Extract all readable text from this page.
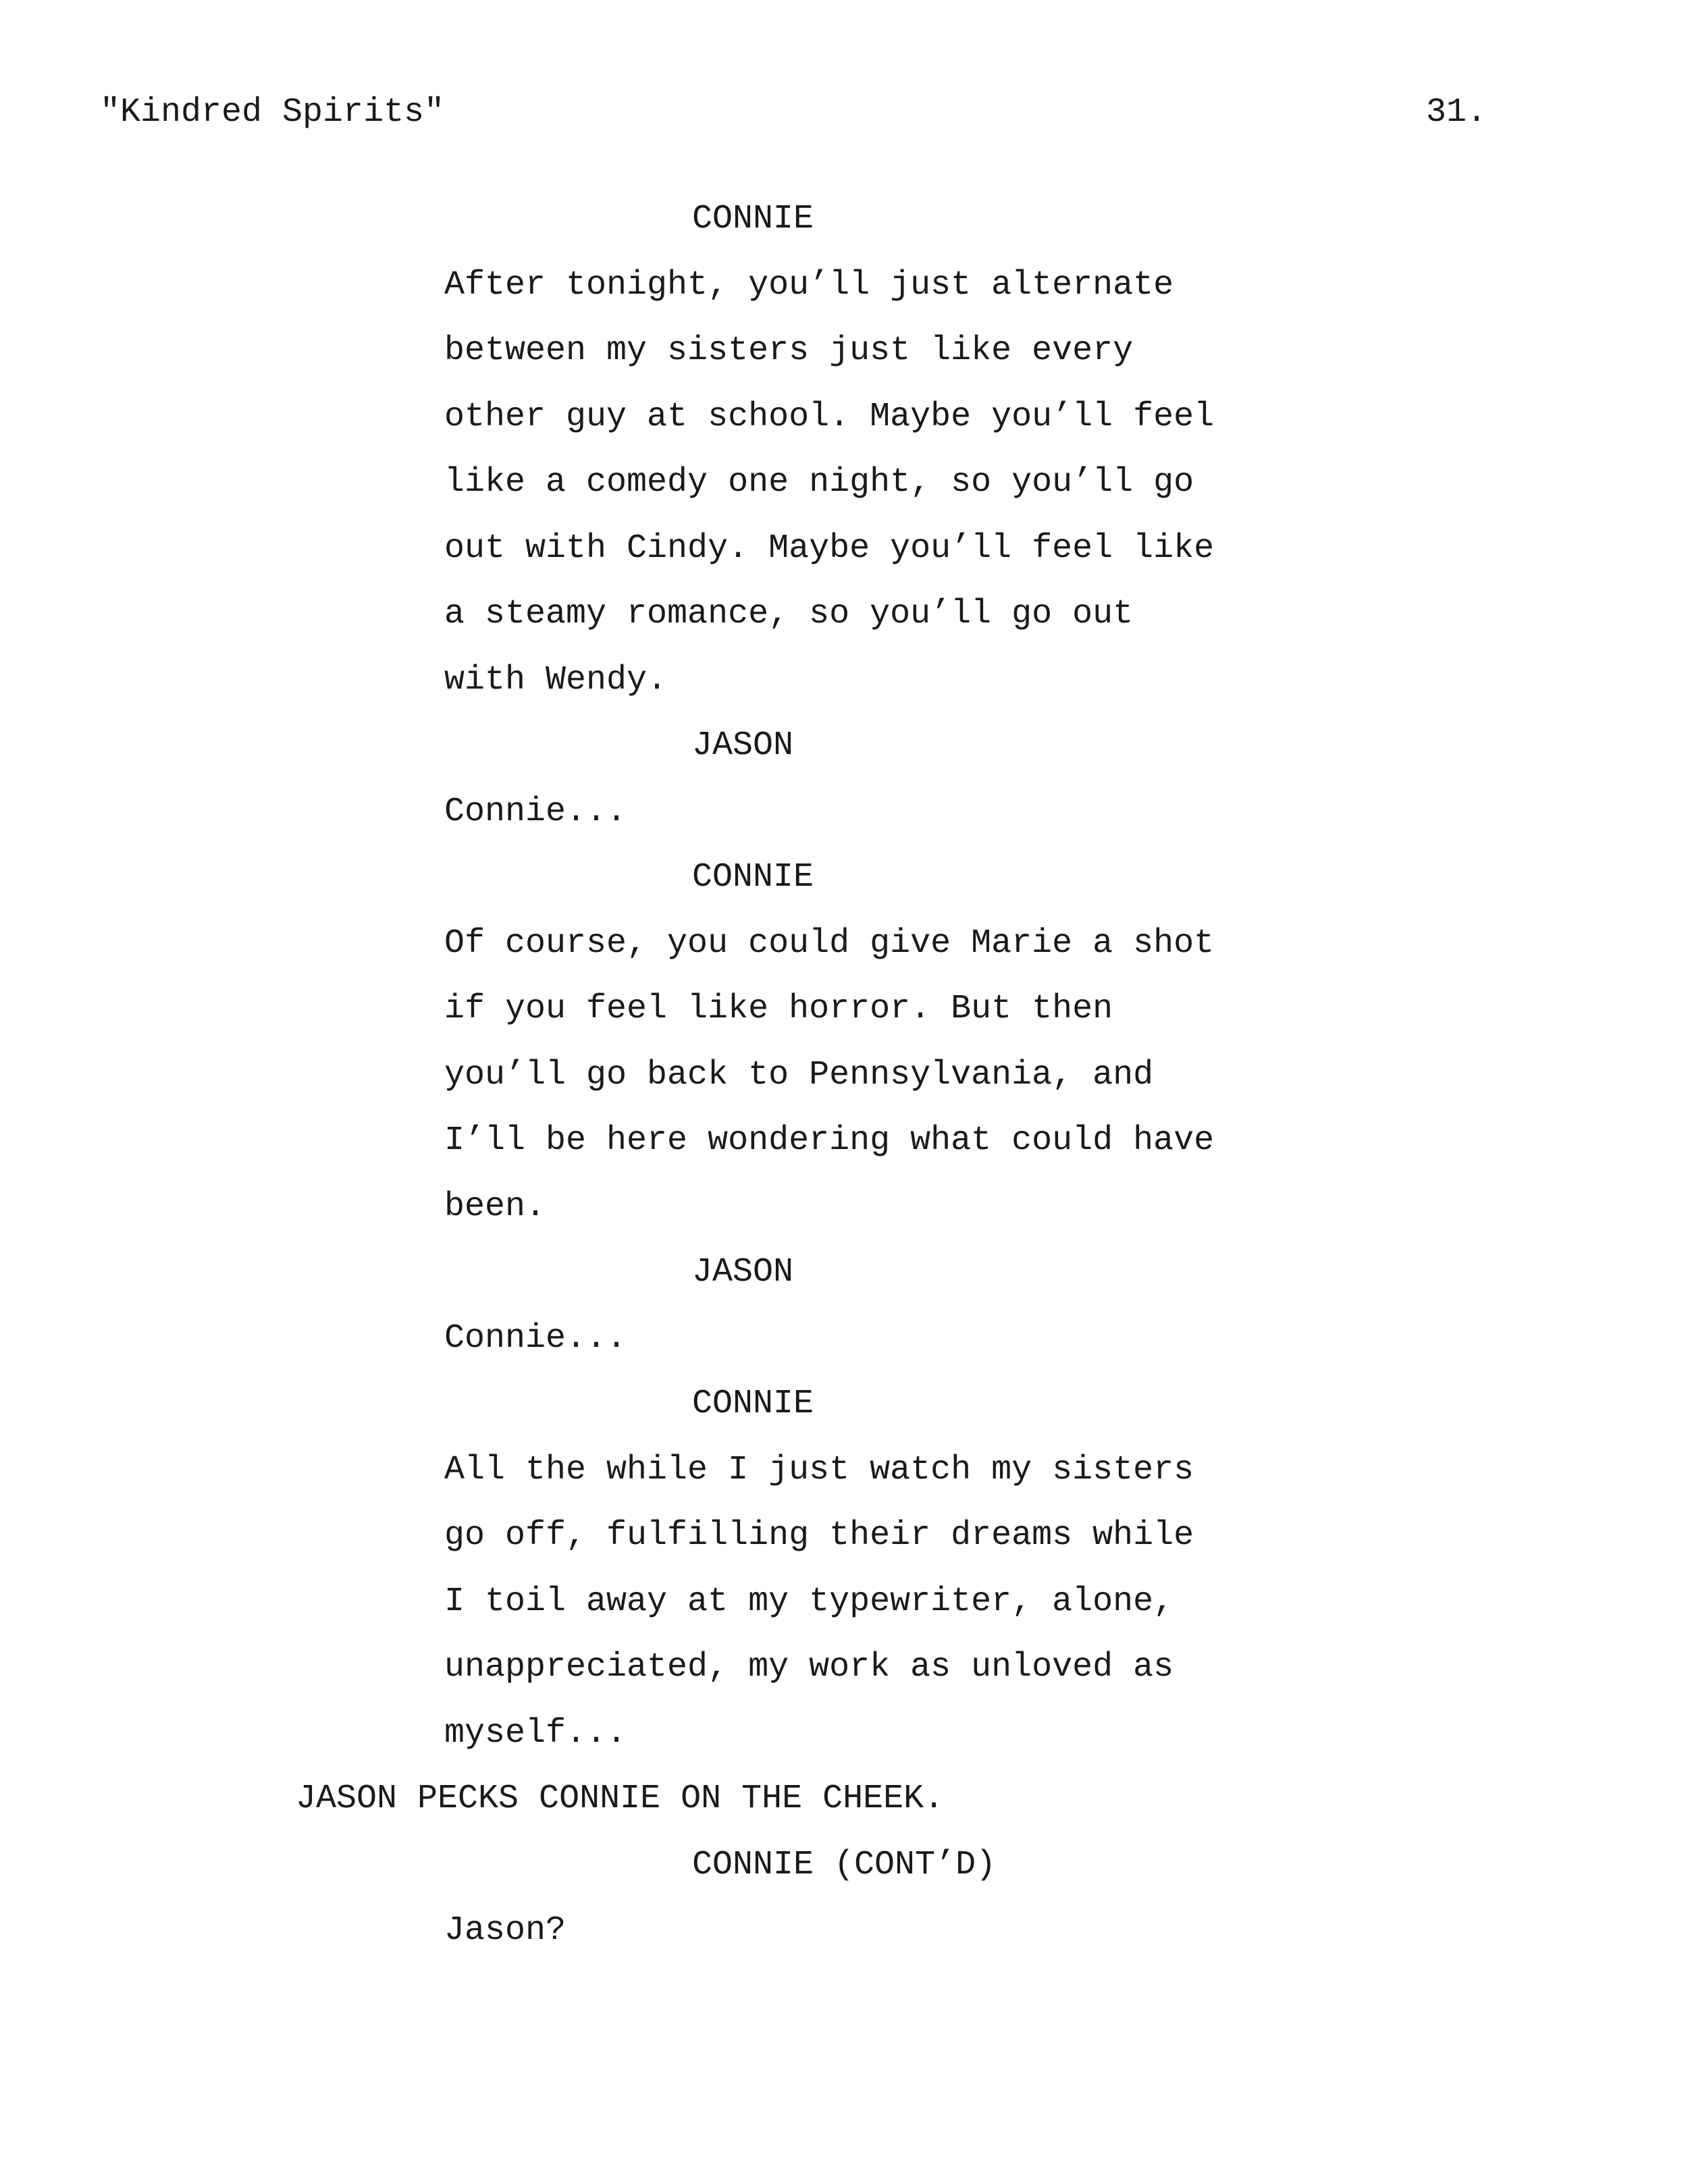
"Kindred Spirits"	31.
CONNIE
After tonight, you’ll just alternate
between my sisters just like every
other guy at school. Maybe you’ll feel
like a comedy one night, so you’ll go
out with Cindy. Maybe you’ll feel like
a steamy romance, so you’ll go out
with Wendy.
JASON
Connie...
CONNIE
Of course, you could give Marie a shot
if you feel like horror. But then
you’ll go back to Pennsylvania, and
I’ll be here wondering what could have
been.
JASON
Connie...
CONNIE
All the while I just watch my sisters
go off, fulfilling their dreams while
I toil away at my typewriter, alone,
unappreciated, my work as unloved as
myself...
JASON PECKS CONNIE ON THE CHEEK.
CONNIE (CONT’D)
Jason?
